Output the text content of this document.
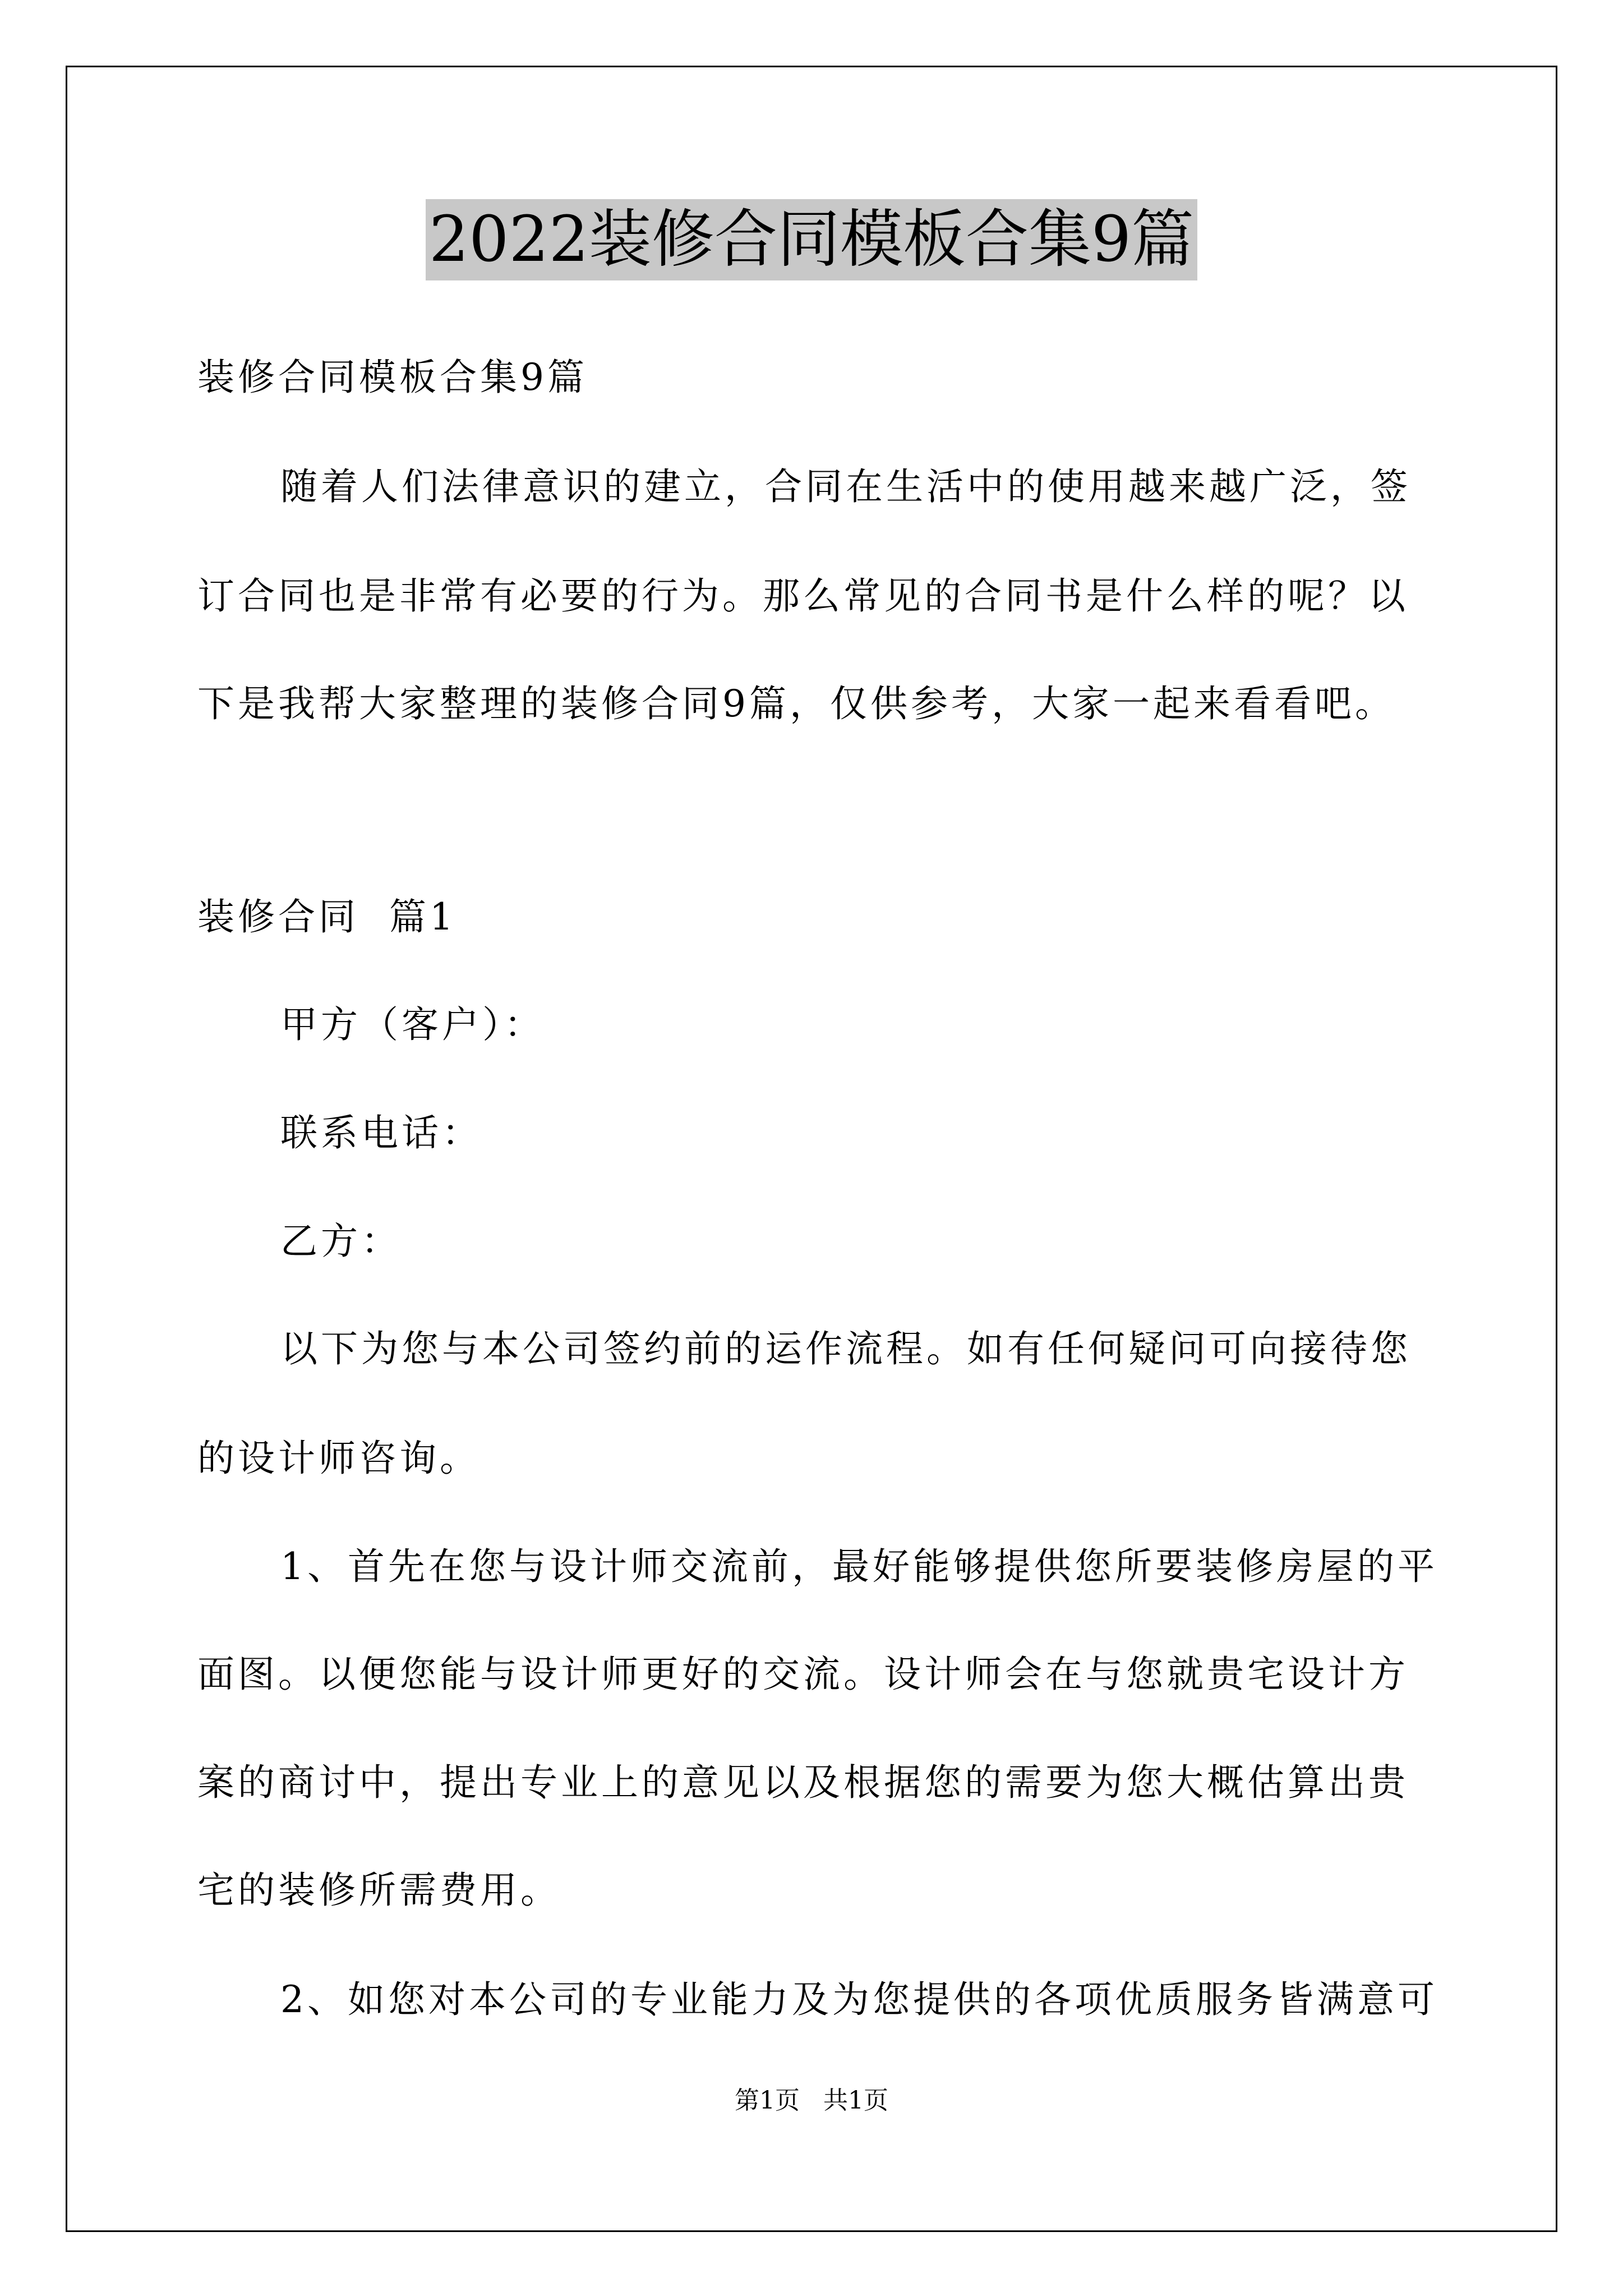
2022装修合同模板合集9篇
装修合同模板合集9篇
随着人们法律意识的建立，合同在生活中的使用越来越广泛，签
订合同也是非常有必要的行为。那么常见的合同书是什么样的呢？以
下是我帮大家整理的装修合同9篇，仅供参考，大家一起来看看吧。
装修合同  篇1
甲方（客户）：
联系电话：
乙方：
以下为您与本公司签约前的运作流程。如有任何疑问可向接待您
的设计师咨询。
1、首先在您与设计师交流前，最好能够提供您所要装修房屋的平
面图。以便您能与设计师更好的交流。设计师会在与您就贵宅设计方
案的商讨中，提出专业上的意见以及根据您的需要为您大概估算出贵
宅的装修所需费用。
2、如您对本公司的专业能力及为您提供的各项优质服务皆满意可
第1页   共1页
